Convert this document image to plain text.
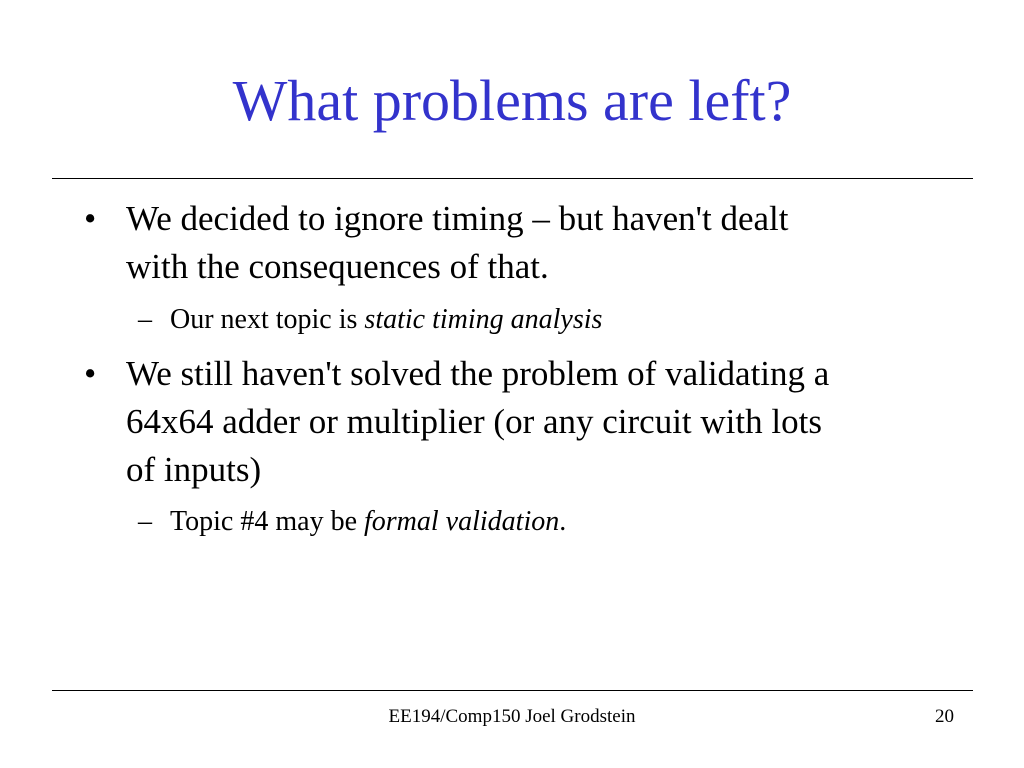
What problems are left?
• We decided to ignore timing – but haven't dealt
with the consequences of that.
– Our next topic is static timing analysis
• We still haven't solved the problem of validating a
64x64 adder or multiplier (or any circuit with lots
of inputs)
– Topic #4 may be formal validation.
EE194/Comp150 Joel Grodstein	20
